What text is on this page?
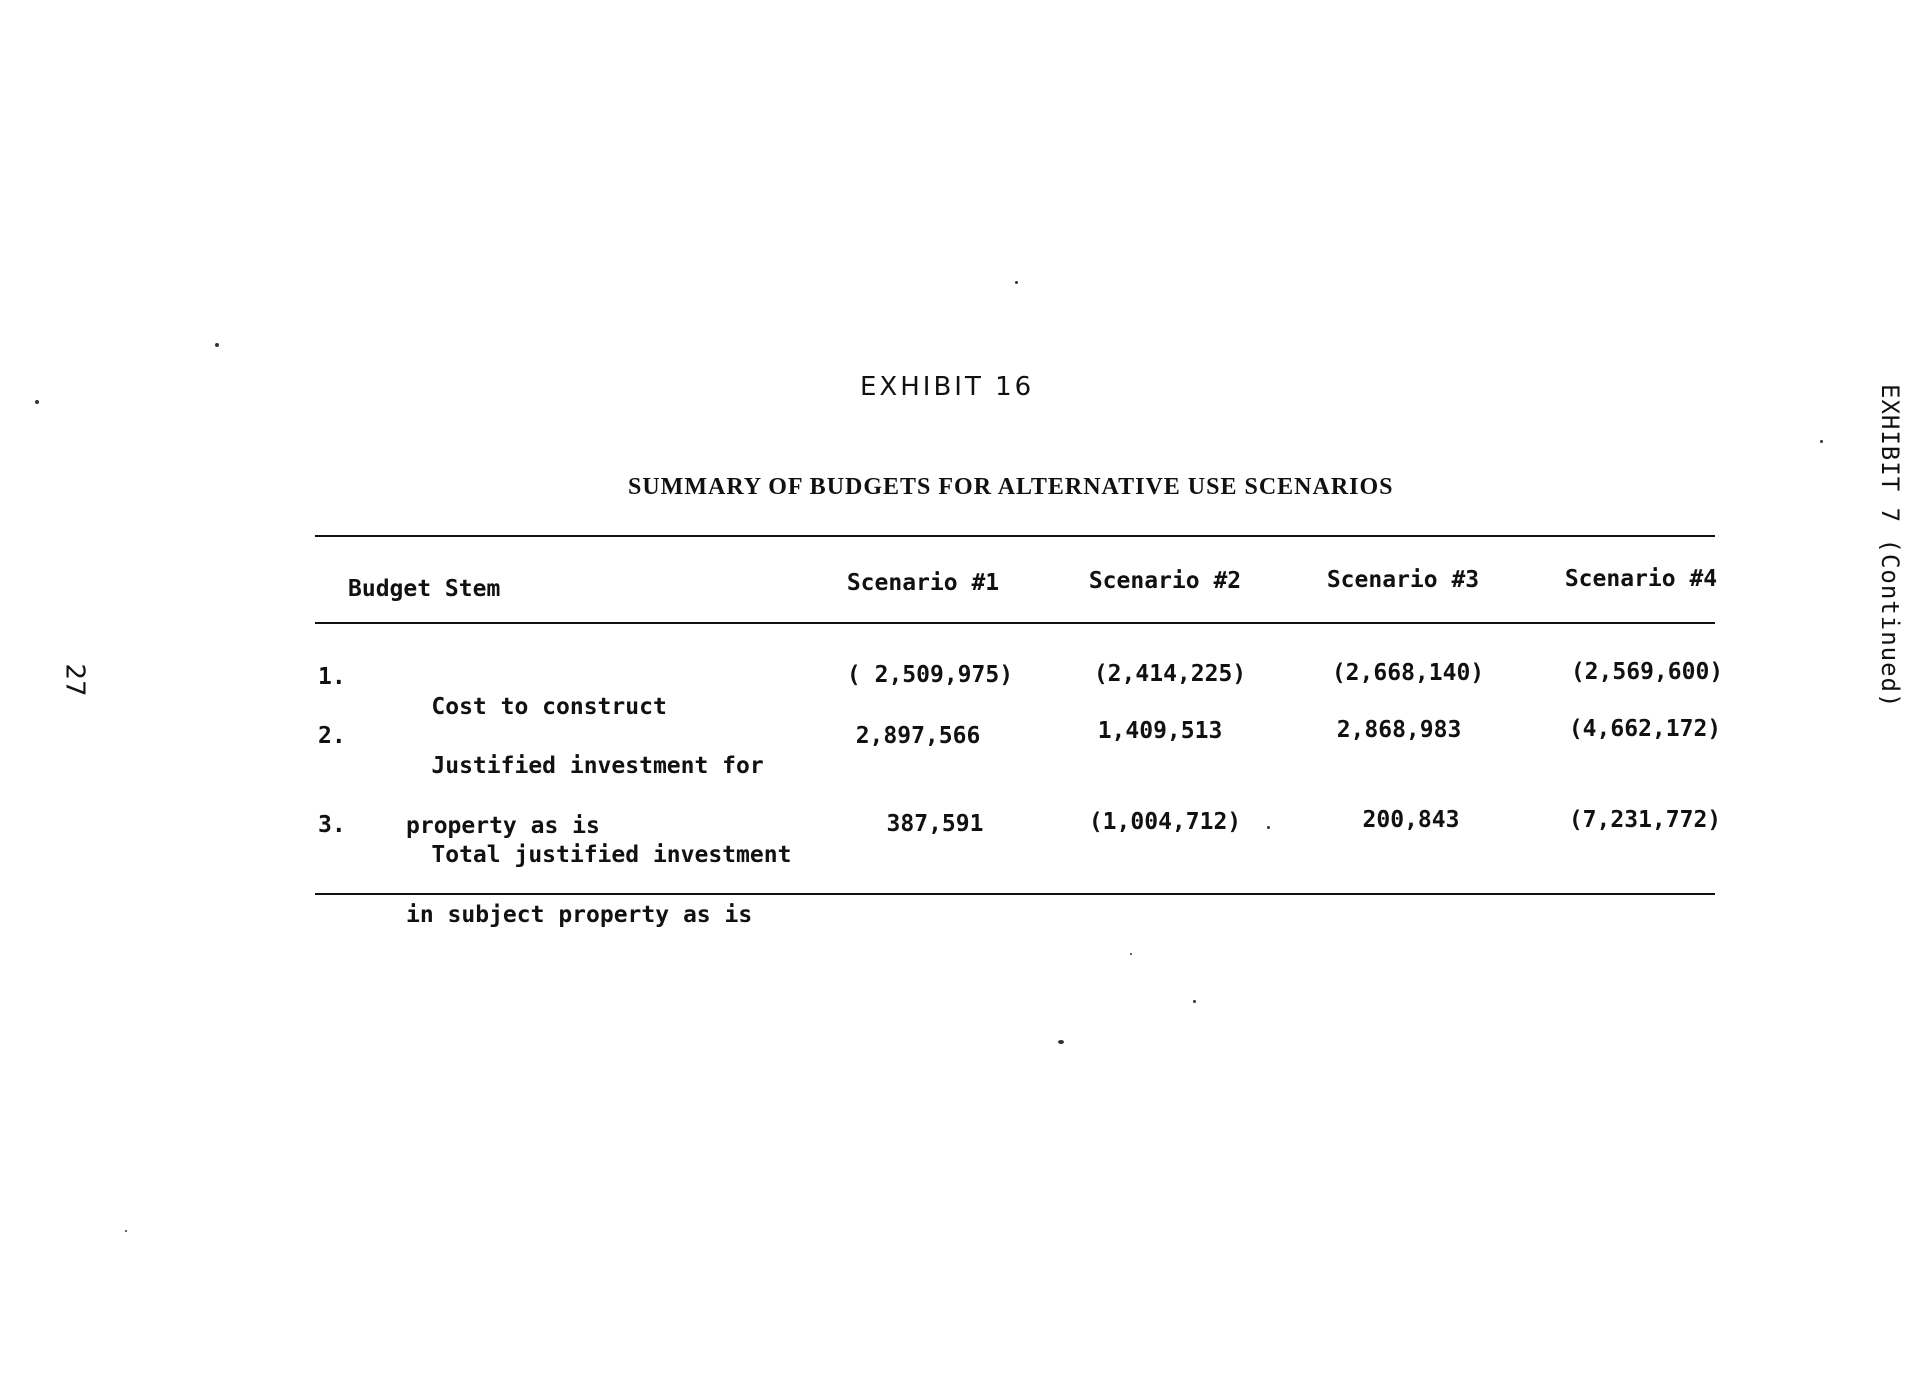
EXHIBIT 16
SUMMARY OF BUDGETS FOR ALTERNATIVE USE SCENARIOS
Budget Stem	Scenario #1	Scenario #2	Scenario #3	Scenario #4
1.

Cost to construct

( 2,509,975)	(2,414,225)	(2,668,140)	(2,569,600)
2.

Justified investment for

property as is

2,897,566	1,409,513	2,868,983	(4,662,172)
3.

Total justified investment

in subject property as is

387,591	(1,004,712)	200,843	(7,231,772)
27	EXHIBIT 7 (Continued)
